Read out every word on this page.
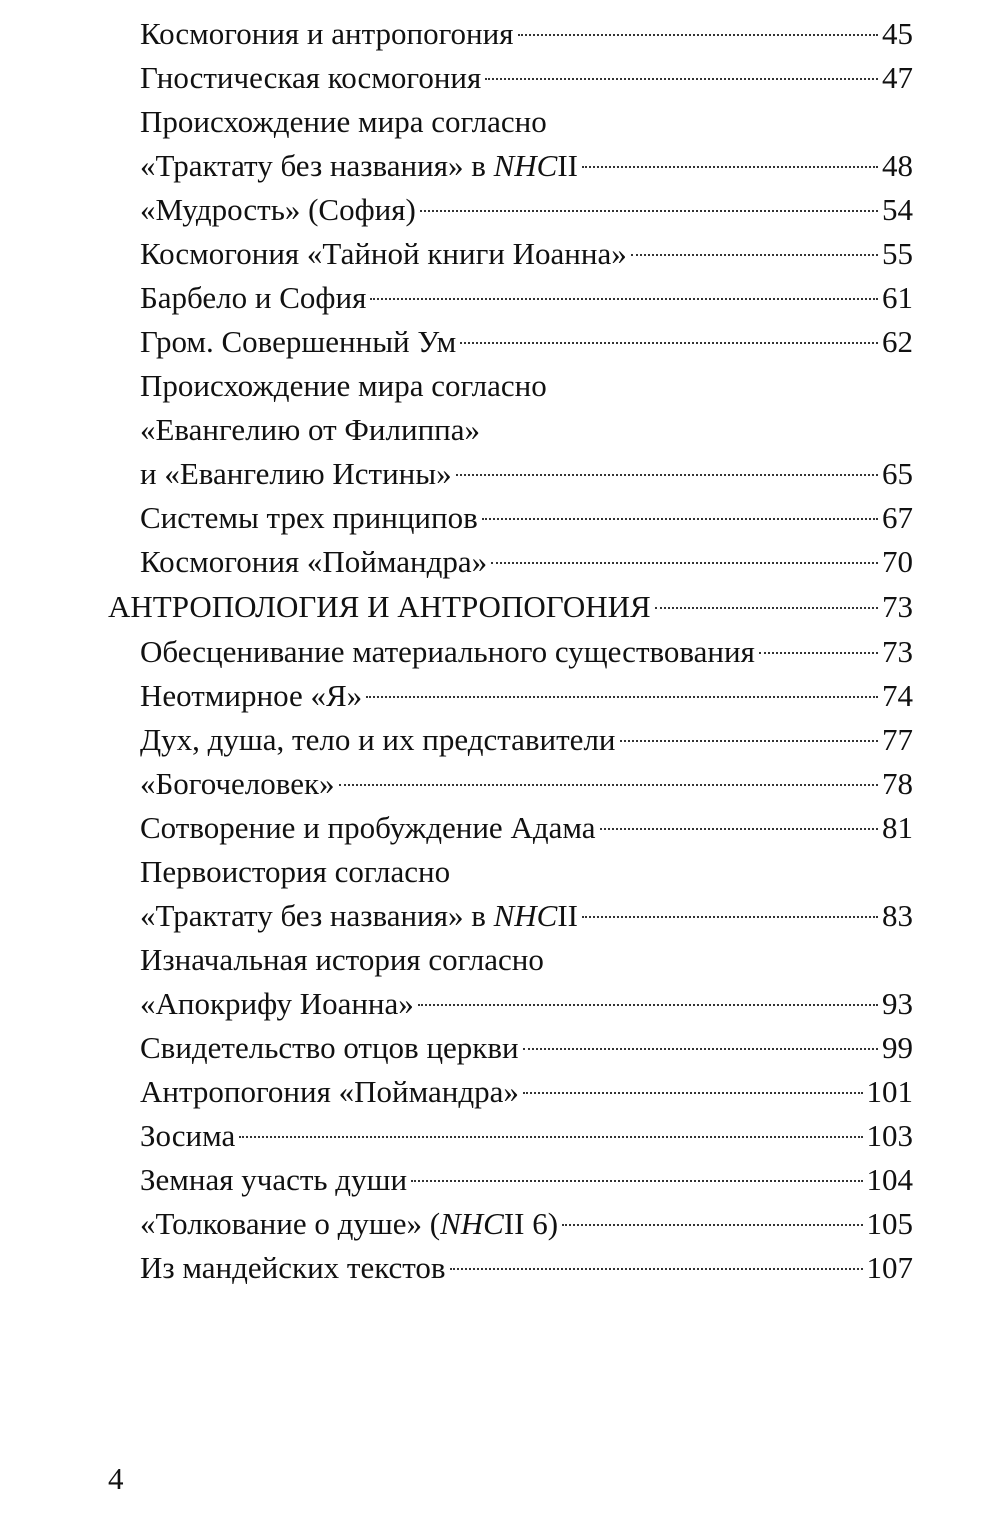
Космогония и антропогония	45
Гностическая космогония	47
Происхождение мира согласно
«Трактату без названия» в NHCII	48
«Мудрость» (София)	54
Космогония «Тайной книги Иоанна»	55
Барбело и София	61
Гром. Совершенный Ум	62
Происхождение мира согласно
«Евангелию от Филиппа»
и «Евангелию Истины»	65
Системы трех принципов	67
Космогония «Поймандра»	70
АНТРОПОЛОГИЯ И АНТРОПОГОНИЯ	73
Обесценивание материального существования	73
Неотмирное «Я»	74
Дух, душа, тело и их представители	77
«Богочеловек»	78
Сотворение и пробуждение Адама	81
Первоистория согласно
«Трактату без названия» в NHCII	83
Изначальная история согласно
«Апокрифу Иоанна»	93
Свидетельство отцов церкви	99
Антропогония «Поймандра»	101
Зосима	103
Земная участь души	104
«Толкование о душе» (NHCII 6)	105
Из мандейских текстов	107
4
